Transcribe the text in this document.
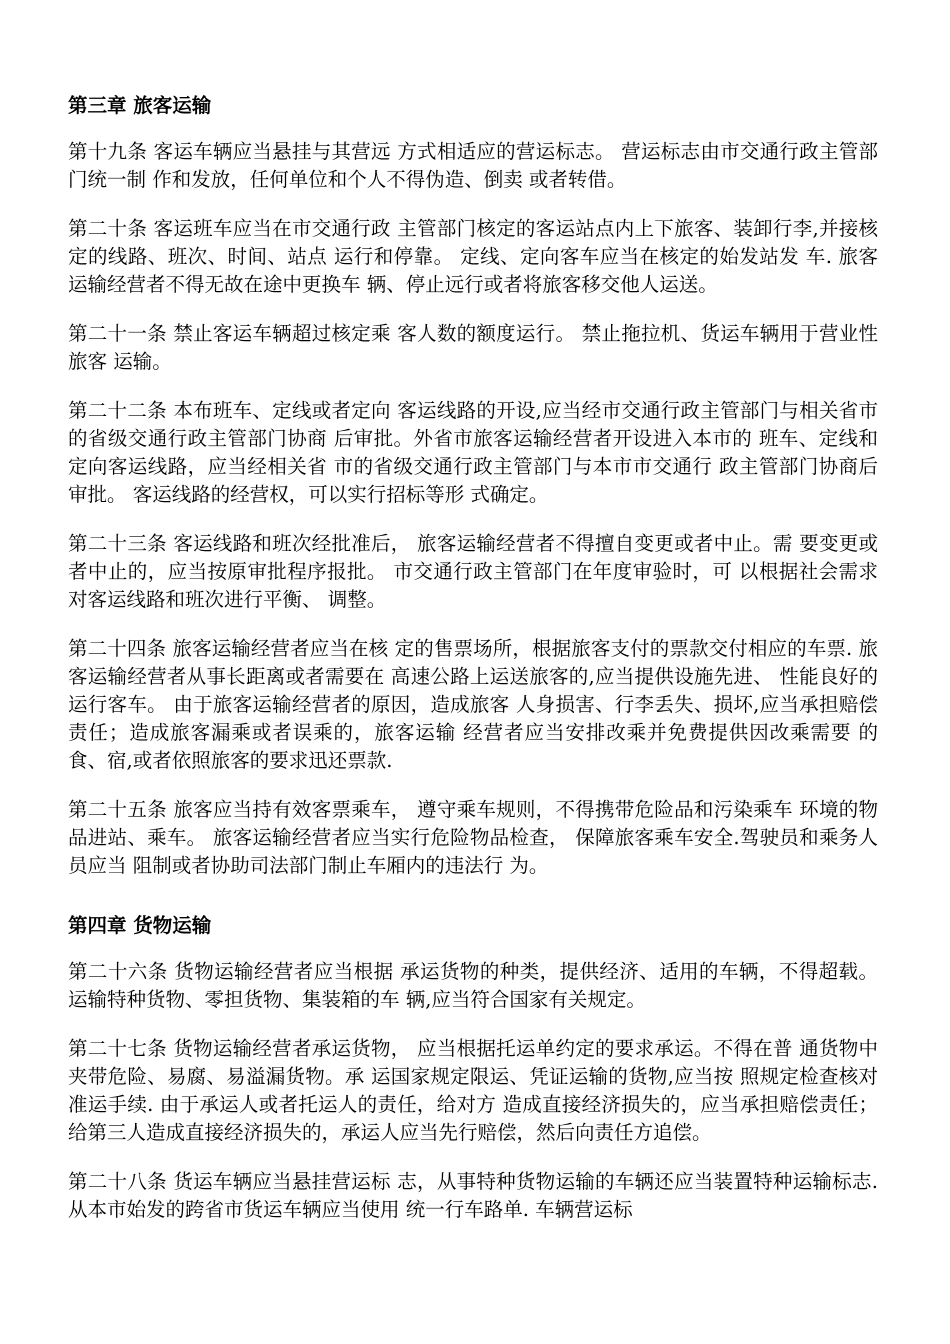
第三章 旅客运输

第十九条 客运车辆应当悬挂与其营远 方式相适应的营运标志。 营运标志由市交通行政主管部门统一制 作和发放，任何单位和个人不得伪造、倒卖 或者转借。

第二十条 客运班车应当在市交通行政 主管部门核定的客运站点内上下旅客、装卸行李,并接核定的线路、班次、时间、站点 运行和停靠。 定线、定向客车应当在核定的始发站发 车. 旅客运输经营者不得无故在途中更换车 辆、停止远行或者将旅客移交他人运送。

第二十一条 禁止客运车辆超过核定乘 客人数的额度运行。 禁止拖拉机、货运车辆用于营业性旅客 运输。

第二十二条 本布班车、定线或者定向 客运线路的开设,应当经市交通行政主管部门与相关省市的省级交通行政主管部门协商 后审批。外省市旅客运输经营者开设进入本市的 班车、定线和定向客运线路，应当经相关省 市的省级交通行政主管部门与本市市交通行 政主管部门协商后审批。 客运线路的经营权，可以实行招标等形 式确定。

第二十三条 客运线路和班次经批准后， 旅客运输经营者不得擅自变更或者中止。需 要变更或者中止的，应当按原审批程序报批。 市交通行政主管部门在年度审验时，可 以根据社会需求对客运线路和班次进行平衡、 调整。

第二十四条 旅客运输经营者应当在核 定的售票场所，根据旅客支付的票款交付相应的车票. 旅客运输经营者从事长距离或者需要在 高速公路上运送旅客的,应当提供设施先进、 性能良好的运行客车。 由于旅客运输经营者的原因，造成旅客 人身损害、行李丢失、损坏,应当承担赔偿 责任；造成旅客漏乘或者误乘的，旅客运输 经营者应当安排改乘并免费提供因改乘需要 的食、宿,或者依照旅客的要求迅还票款.

第二十五条 旅客应当持有效客票乘车， 遵守乘车规则，不得携带危险品和污染乘车 环境的物品进站、乘车。 旅客运输经营者应当实行危险物品检查， 保障旅客乘车安全.驾驶员和乘务人员应当 阻制或者协助司法部门制止车厢内的违法行 为。

第四章 货物运输

第二十六条 货物运输经营者应当根据 承运货物的种类，提供经济、适用的车辆，不得超载。 运输特种货物、零担货物、集装箱的车 辆,应当符合国家有关规定。

第二十七条 货物运输经营者承运货物， 应当根据托运单约定的要求承运。不得在普 通货物中夹带危险、易腐、易溢漏货物。承 运国家规定限运、凭证运输的货物,应当按 照规定检查核对准运手续. 由于承运人或者托运人的责任，给对方 造成直接经济损失的，应当承担赔偿责任； 给第三人造成直接经济损失的，承运人应当先行赔偿，然后向责任方追偿。

第二十八条 货运车辆应当悬挂营运标 志，从事特种货物运输的车辆还应当装置特种运输标志. 从本市始发的跨省市货运车辆应当使用 统一行车路单. 车辆营运标
